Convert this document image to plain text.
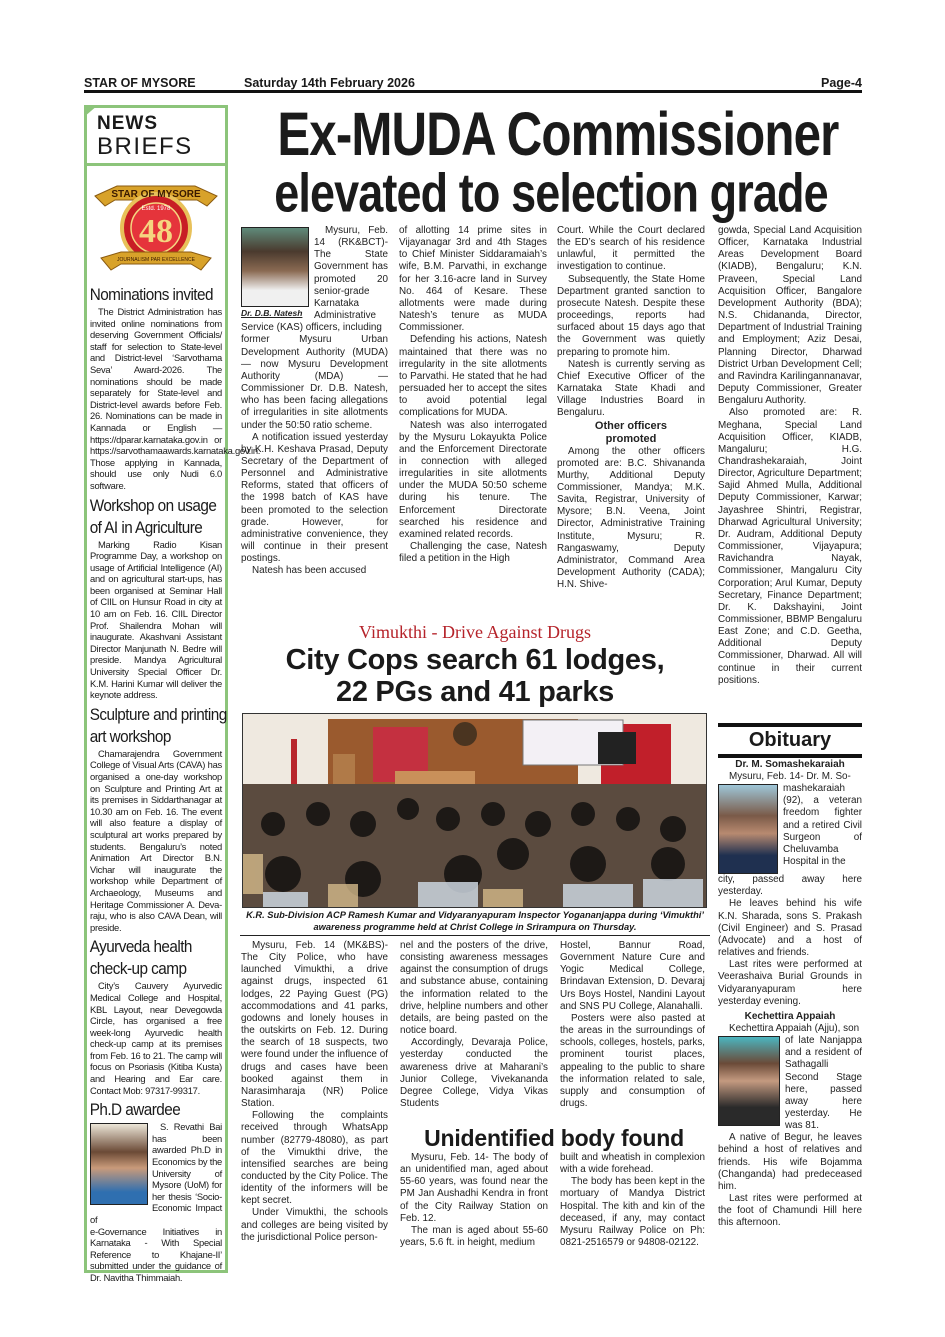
STAR OF MYSORE	Saturday 14th February 2026	Page-4
NEWS
BRIEFS
STAR OF MYSORE
Estd. 1978
48
JOURNALISM PAR EXCELLENCE
Nominations invited
The District Administration has invited online nominations from deserving Government Officials/ staff for selection to State-level and District-level ‘Sarvothama Seva’ Award-2026. The nominations should be made separately for State-level and District-level awards before Feb. 26. Nominations can be made in Kannada or English — https://dparar.karnataka.gov.in or https://sarvothamaawards.karnataka.gov.in. Those applying in Kannada, should use only Nudi 6.0 software.
Workshop on usage of AI in Agriculture
Marking Radio Kisan Programme Day, a workshop on usage of Artificial Intelligence (AI) and on agricultural start-ups, has been organised at Seminar Hall of CIIL on Hunsur Road in city at 10 am on Feb. 16. CIIL Director Prof. Shailendra Mohan will inaugurate. Akashvani Assistant Director Manjunath N. Bedre will preside. Mandya Agricultural University Special Officer Dr. K.M. Harini Kumar will deliver the keynote address.
Sculpture and printing art workshop
Chamarajendra Government College of Visual Arts (CAVA) has organised a one-day workshop on Sculpture and Printing Art at its premises in Siddarthanagar at 10.30 am on Feb. 16. The event will also feature a display of sculptural art works prepared by students. Bengaluru’s noted Animation Art Director B.N. Vichar will inaugurate the workshop while Department of Archaeology, Museums and Heritage Commissioner A. Deva-raju, who is also CAVA Dean, will preside.
Ayurveda health check-up camp
City’s Cauvery Ayurvedic Medical College and Hospital, KBL Layout, near Devegowda Circle, has organised a free week-long Ayurvedic health check-up camp at its premises from Feb. 16 to 21. The camp will focus on Psoriasis (Kitiba Kusta) and Hearing and Ear care. Contact Mob: 97317-99317.
Ph.D awardee
S. Revathi Bai has been awarded Ph.D in Economics by the University of Mysore (UoM) for her thesis ‘Socio-Economic Impact of
e-Governance Initiatives in Karnataka - With Special Reference to Khajane-II’ submitted under the guidance of Dr. Navitha Thimmaiah.
Ex-MUDA Commissioner
elevated to selection grade
Dr. D.B. Natesh

Mysuru, Feb. 14 (RK&BCT)- The State Government has promoted 20 senior-grade Karnataka Administrative Service (KAS) officers, including

former Mysuru Urban Development Authority (MUDA) — now Mysuru Development Authority (MDA) — Commissioner Dr. D.B. Natesh, who has been facing allegations of irregularities in site allotments under the 50:50 ratio scheme.

A notification issued yesterday by K.H. Keshava Prasad, Deputy Secretary of the Department of Personnel and Administrative Reforms, stated that officers of the 1998 batch of KAS have been promoted to the selection grade. However, for administrative convenience, they will continue in their present postings.

Natesh has been accused

of allotting 14 prime sites in Vijayanagar 3rd and 4th Stages to Chief Minister Siddaramaiah’s wife, B.M. Parvathi, in exchange for her 3.16-acre land in Survey No. 464 of Kesare. These allotments were made during Natesh’s tenure as MUDA Commissioner.

Defending his actions, Natesh maintained that there was no irregularity in the site allotments to Parvathi. He stated that he had persuaded her to accept the sites to avoid potential legal complications for MUDA.

Natesh was also interrogated by the Mysuru Lokayukta Police and the Enforcement Directorate in connection with alleged irregularities in site allotments under the MUDA 50:50 scheme during his tenure. The Enforcement Directorate searched his residence and examined related records.

Challenging the case, Natesh filed a petition in the High

Court. While the Court declared the ED’s search of his residence unlawful, it permitted the investigation to continue.

Subsequently, the State Home Department granted sanction to prosecute Natesh. Despite these proceedings, reports had surfaced about 15 days ago that the Government was quietly preparing to promote him.

Natesh is currently serving as Chief Executive Officer of the Karnataka State Khadi and Village Industries Board in Bengaluru.

Other officers promoted

Among the other officers promoted are: B.C. Shivananda Murthy, Additional Deputy Commissioner, Mandya; M.K. Savita, Registrar, University of Mysore; B.N. Veena, Joint Director, Administrative Training Institute, Mysuru; R. Rangaswamy, Deputy Administrator, Command Area Development Authority (CADA); H.N. Shive-

gowda, Special Land Acquisition Officer, Karnataka Industrial Areas Development Board (KIADB), Bengaluru; K.N. Praveen, Special Land Acquisition Officer, Bangalore Development Authority (BDA); N.S. Chidananda, Director, Department of Industrial Training and Employment; Aziz Desai, Planning Director, Dharwad District Urban Development Cell; and Ravindra Karilingannanavar, Deputy Commissioner, Greater Bengaluru Authority.

Also promoted are: R. Meghana, Special Land Acquisition Officer, KIADB, Mangaluru; H.G. Chandrashekaraiah, Joint Director, Agriculture Department; Sajid Ahmed Mulla, Additional Deputy Commissioner, Karwar; Jayashree Shintri, Registrar, Dharwad Agricultural University; Dr. Audram, Additional Deputy Commissioner, Vijayapura; Ravichandra Nayak, Commissioner, Mangaluru City Corporation; Arul Kumar, Deputy Secretary, Finance Department; Dr. K. Dakshayini, Joint Commissioner, BBMP Bengaluru East Zone; and C.D. Geetha, Additional Deputy Commissioner, Dharwad. All will continue in their current positions.

Vimukthi - Drive Against Drugs
City Cops search 61 lodges,
22 PGs and 41 parks
K.R. Sub-Division ACP Ramesh Kumar and Vidyaranyapuram Inspector Yogananjappa during ‘Vimukthi’ awareness programme held at Christ College in Srirampura on Thursday.

Mysuru, Feb. 14 (MK&BS)- The City Police, who have launched Vimukthi, a drive against drugs, inspected 61 lodges, 22 Paying Guest (PG) accommodations and 41 parks, godowns and lonely houses in the outskirts on Feb. 12. During the search of 18 suspects, two were found under the influence of drugs and cases have been booked against them in Narasimharaja (NR) Police Station.

Following the complaints received through WhatsApp number (82779-48080), as part of the Vimukthi drive, the intensified searches are being conducted by the City Police. The identity of the informers will be kept secret.

Under Vimukthi, the schools and colleges are being visited by the jurisdictional Police person-

nel and the posters of the drive, consisting awareness messages against the consumption of drugs and substance abuse, containing the information related to the drive, helpline numbers and other details, are being pasted on the notice board.

Accordingly, Devaraja Police, yesterday conducted the awareness drive at Maharani’s Junior College, Vivekananda Degree College, Vidya Vikas Students

Hostel, Bannur Road, Government Nature Cure and Yogic Medical College, Brindavan Extension, D. Devaraj Urs Boys Hostel, Nandini Layout and SNS PU College, Alanahalli.

Posters were also pasted at the areas in the surroundings of schools, colleges, hostels, parks, prominent tourist places, appealing to the public to share the information related to sale, supply and consumption of drugs.

Unidentified body found

Mysuru, Feb. 14- The body of an unidentified man, aged about 55-60 years, was found near the PM Jan Aushadhi Kendra in front of the City Railway Station on Feb. 12.

The man is aged about 55-60 years, 5.6 ft. in height, medium

built and wheatish in complexion with a wide forehead.

The body has been kept in the mortuary of Mandya District Hospital. The kith and kin of the deceased, if any, may contact Mysuru Railway Police on Ph: 0821-2516579 or 94808-02122.

Obituary
Dr. M. Somashekaraiah

Mysuru, Feb. 14- Dr. M. So-

mashekaraiah (92), a veteran freedom fighter and a retired Civil Surgeon of Cheluvamba Hospital in the

city, passed away here yesterday.

He leaves behind his wife K.N. Sharada, sons S. Prakash (Civil Engineer) and S. Prasad (Advocate) and a host of relatives and friends.

Last rites were performed at Veerashaiva Burial Grounds in Vidyaranyapuram here yesterday evening.

Kechettira Appaiah

Kechettira Appaiah (Ajju), son

of late Nanjappa and a resident of Sathagalli Second Stage here, passed away here yesterday. He was 81.

A native of Begur, he leaves behind a host of relatives and friends. His wife Bojamma (Changanda) had predeceased him.

Last rites were performed at the foot of Chamundi Hill here this afternoon.
